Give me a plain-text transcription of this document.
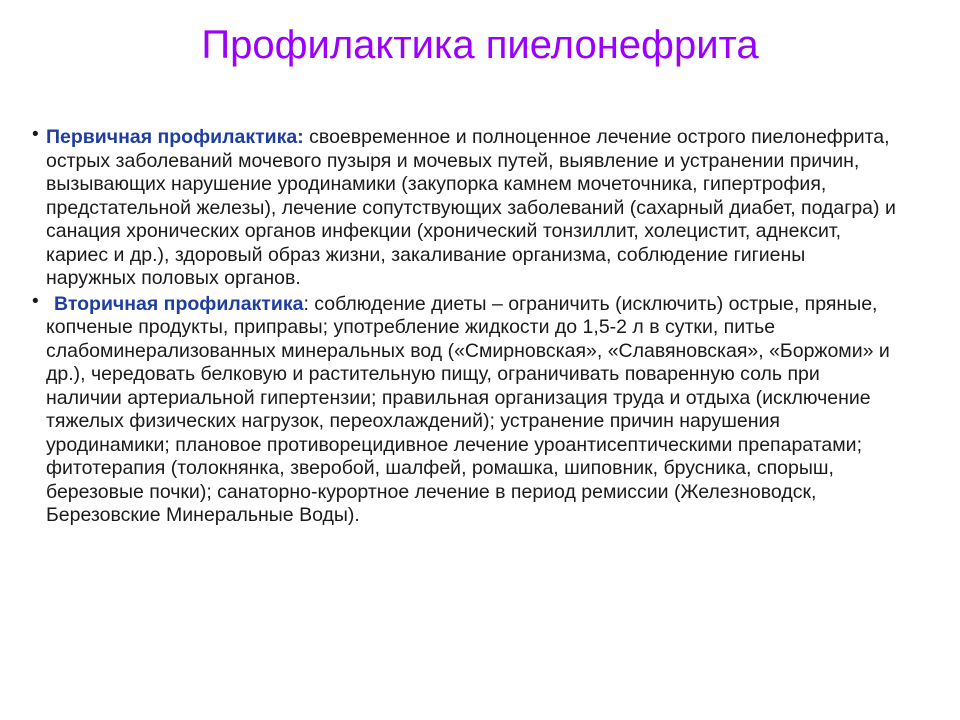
Профилактика пиелонефрита

• Первичная профилактика: своевременное и полноценное лечение острого пиелонефрита, острых заболеваний мочевого пузыря и мочевых путей, выявление и устранении причин, вызывающих нарушение уродинамики (закупорка камнем мочеточника, гипертрофия, предстательной железы), лечение сопутствующих заболеваний (сахарный диабет, подагра) и санация хронических органов инфекции (хронический тонзиллит, холецистит, аднексит, кариес и др.), здоровый образ жизни, закаливание организма, соблюдение гигиены наружных половых органов.

• Вторичная профилактика: соблюдение диеты – ограничить (исключить) острые, пряные, копченые продукты, приправы; употребление жидкости до 1,5-2 л в сутки, питье слабоминерализованных минеральных вод («Смирновская», «Славяновская», «Боржоми» и др.), чередовать белковую и растительную пищу, ограничивать поваренную соль при наличии артериальной гипертензии; правильная организация труда и отдыха (исключение тяжелых физических нагрузок, переохлаждений); устранение причин нарушения уродинамики; плановое противорецидивное лечение уроантисептическими препаратами; фитотерапия (толокнянка, зверобой, шалфей, ромашка, шиповник, брусника, спорыш, березовые почки); санаторно-курортное лечение в период ремиссии (Железноводск, Березовские Минеральные Воды).
